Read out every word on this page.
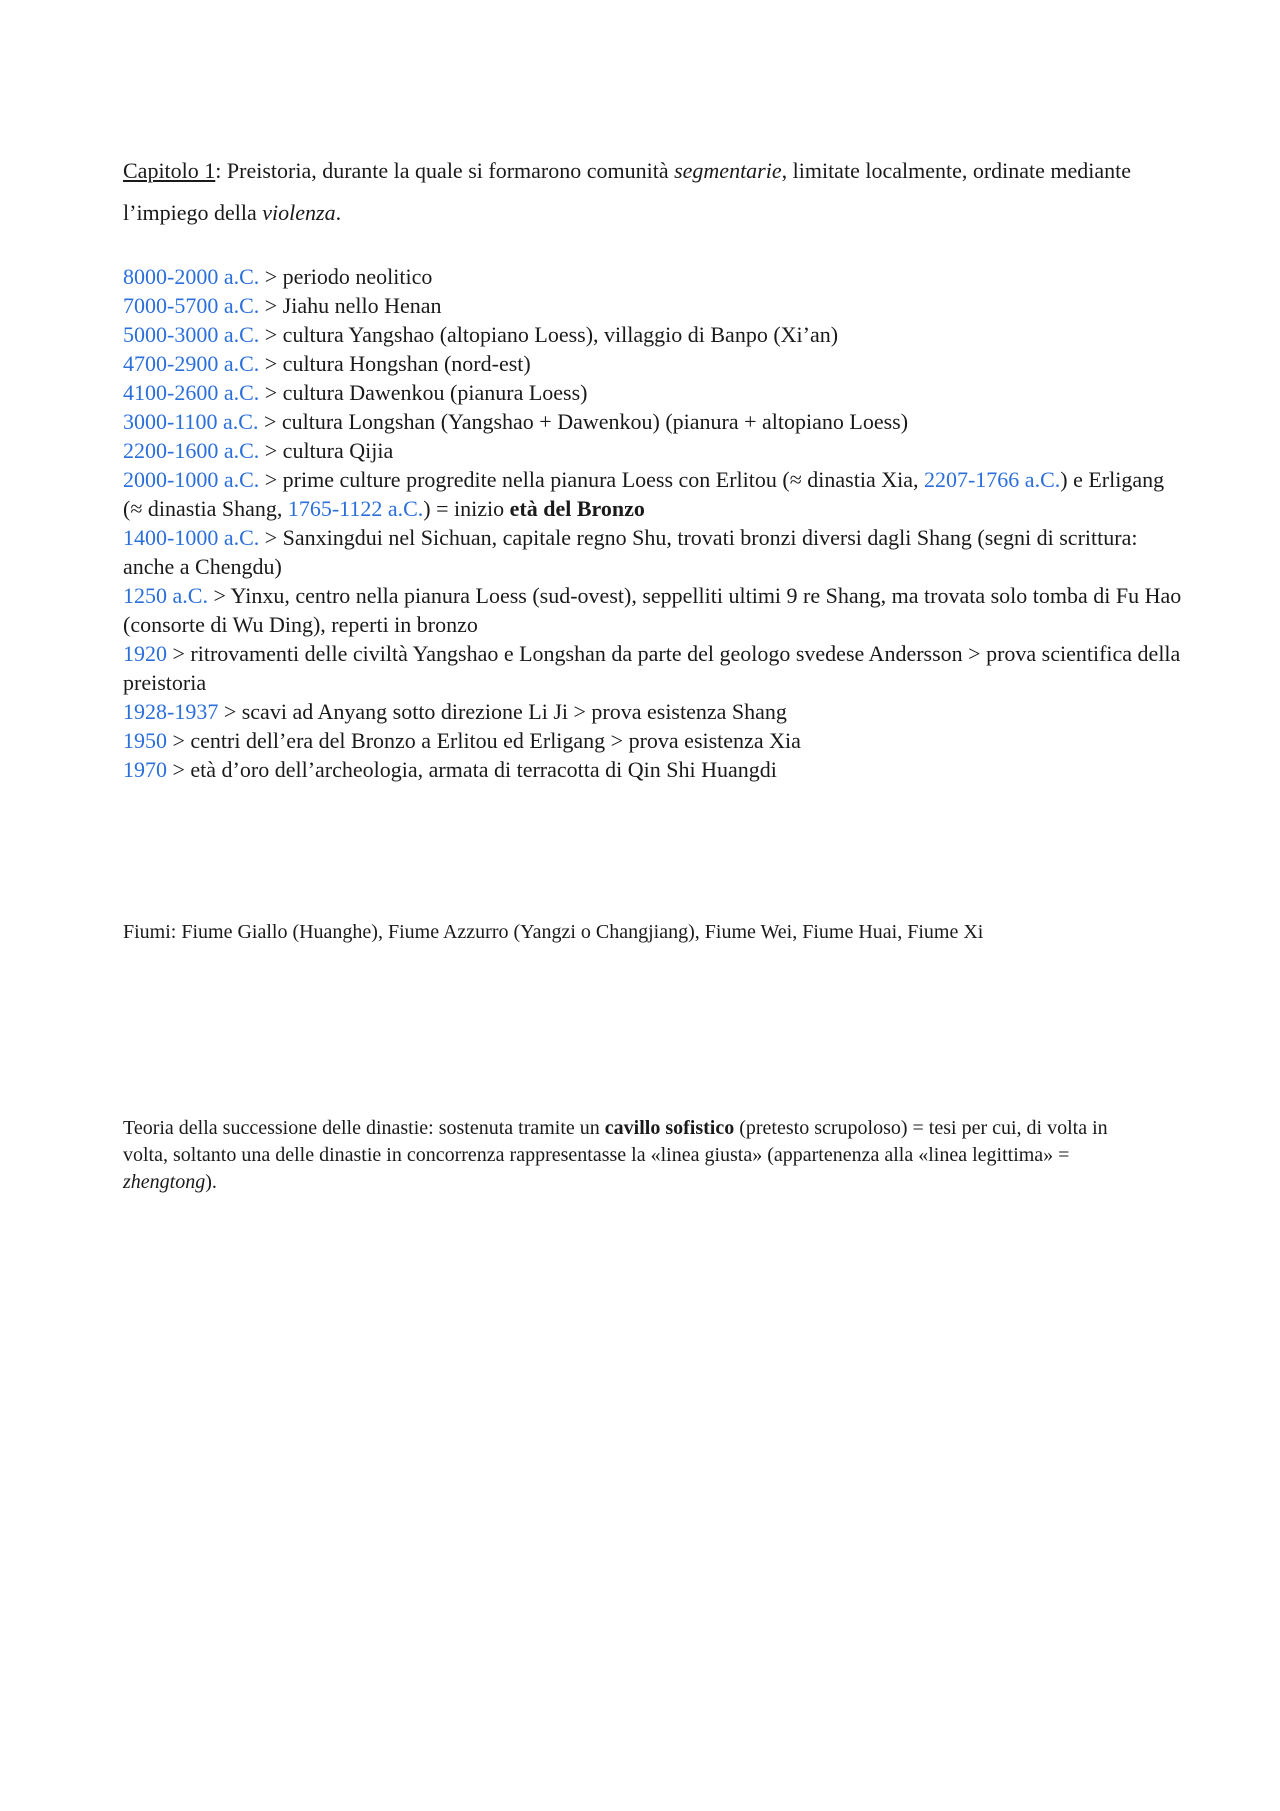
Capitolo 1: Preistoria, durante la quale si formarono comunità segmentarie, limitate localmente, ordinate mediante l’impiego della violenza.

8000-2000 a.C. > periodo neolitico

7000-5700 a.C. > Jiahu nello Henan

5000-3000 a.C. > cultura Yangshao (altopiano Loess), villaggio di Banpo (Xi’an)

4700-2900 a.C. > cultura Hongshan (nord-est)

4100-2600 a.C. > cultura Dawenkou (pianura Loess)

3000-1100 a.C. > cultura Longshan (Yangshao + Dawenkou) (pianura + altopiano Loess)

2200-1600 a.C. > cultura Qijia

2000-1000 a.C. > prime culture progredite nella pianura Loess con Erlitou (≈ dinastia Xia, 2207-1766 a.C.) e Erligang (≈ dinastia Shang, 1765-1122 a.C.) = inizio età del Bronzo

1400-1000 a.C. > Sanxingdui nel Sichuan, capitale regno Shu, trovati bronzi diversi dagli Shang (segni di scrittura: anche a Chengdu)

1250 a.C. > Yinxu, centro nella pianura Loess (sud-ovest), seppelliti ultimi 9 re Shang, ma trovata solo tomba di Fu Hao (consorte di Wu Ding), reperti in bronzo

1920 > ritrovamenti delle civiltà Yangshao e Longshan da parte del geologo svedese Andersson > prova scientifica della preistoria

1928-1937 > scavi ad Anyang sotto direzione Li Ji > prova esistenza Shang

1950 > centri dell’era del Bronzo a Erlitou ed Erligang > prova esistenza Xia

1970 > età d’oro dell’archeologia, armata di terracotta di Qin Shi Huangdi

Fiumi: Fiume Giallo (Huanghe), Fiume Azzurro (Yangzi o Changjiang), Fiume Wei, Fiume Huai, Fiume Xi

Teoria della successione delle dinastie: sostenuta tramite un cavillo sofistico (pretesto scrupoloso) = tesi per cui, di volta in volta, soltanto una delle dinastie in concorrenza rappresentasse la «linea giusta» (appartenenza alla «linea legittima» = zhengtong).
